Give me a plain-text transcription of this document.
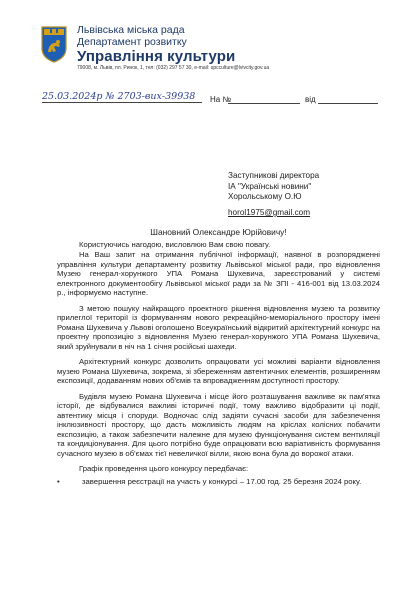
Львівська міська рада
Департамент розвитку
Управління культури
79008, м. Львів, пл. Ринок, 1, тел: (032) 297 57 30, e-mail: upcculture@lvivcity.gov.ua
25.03.2024р № 2703-вих-39938 На №	від
Заступникові директора
ІА "Українські новини"
Хорольському О.Ю
horol1975@gmail.com
Шановний Олександре Юрійовичу!

Користуючись нагодою, висловлюю Вам свою повагу.

На Ваш запит на отримання публічної інформації, наявної в розпорядженні управління культури департаменту розвитку Львівської міської ради, про відновлення Музею генерал-хорунжого УПА Романа Шухевича, зареєстрований у системі електронного документообігу Львівської міської ради за № ЗПІ - 416-001 від 13.03.2024 р., інформуємо наступне.

З метою пошуку найкращого проектного рішення відновлення музею та розвитку прилеглої території із формуванням нового рекреаційно-меморіального простору імені Романа Шухевича у Львові оголошено Всеукраїнський відкритий архітектурний конкурс на проектну пропозицію з відновлення Музею генерал-хорунжого УПА Романа Шухевича, який зруйнували в ніч на 1 січня російські шахеди.

Архітектурний конкурс дозволить опрацювати усі можливі варіанти відновлення музею Романа Шухевича, зокрема, зі збереженням автентичних елементів, розширенням експозиції, додаванням нових об'ємів та впровадженням доступності простору.

Будівля музею Романа Шухевича і місце його розташування важливе як пам'ятка історії, де відбувалися важливі історичні події, тому важливо відобразити ці події, автентику місця і споруди. Водночас слід задіяти сучасні засоби для забезпечення інклюзивності простору, що дасть можливість людям на кріслах колісних побачити експозицію, а також забезпечити належне для музею функціонування систем вентиляції та кондиціонування. Для цього потрібно буде опрацювати всю варіативність формування сучасного музею в об'ємах тієї невеличкої вілли, якою вона була до ворожої атаки.

Графік проведення цього конкурсу передбачає:

•	завершення реєстрації на участь у конкурсі – 17.00 год. 25 березня 2024 року.
